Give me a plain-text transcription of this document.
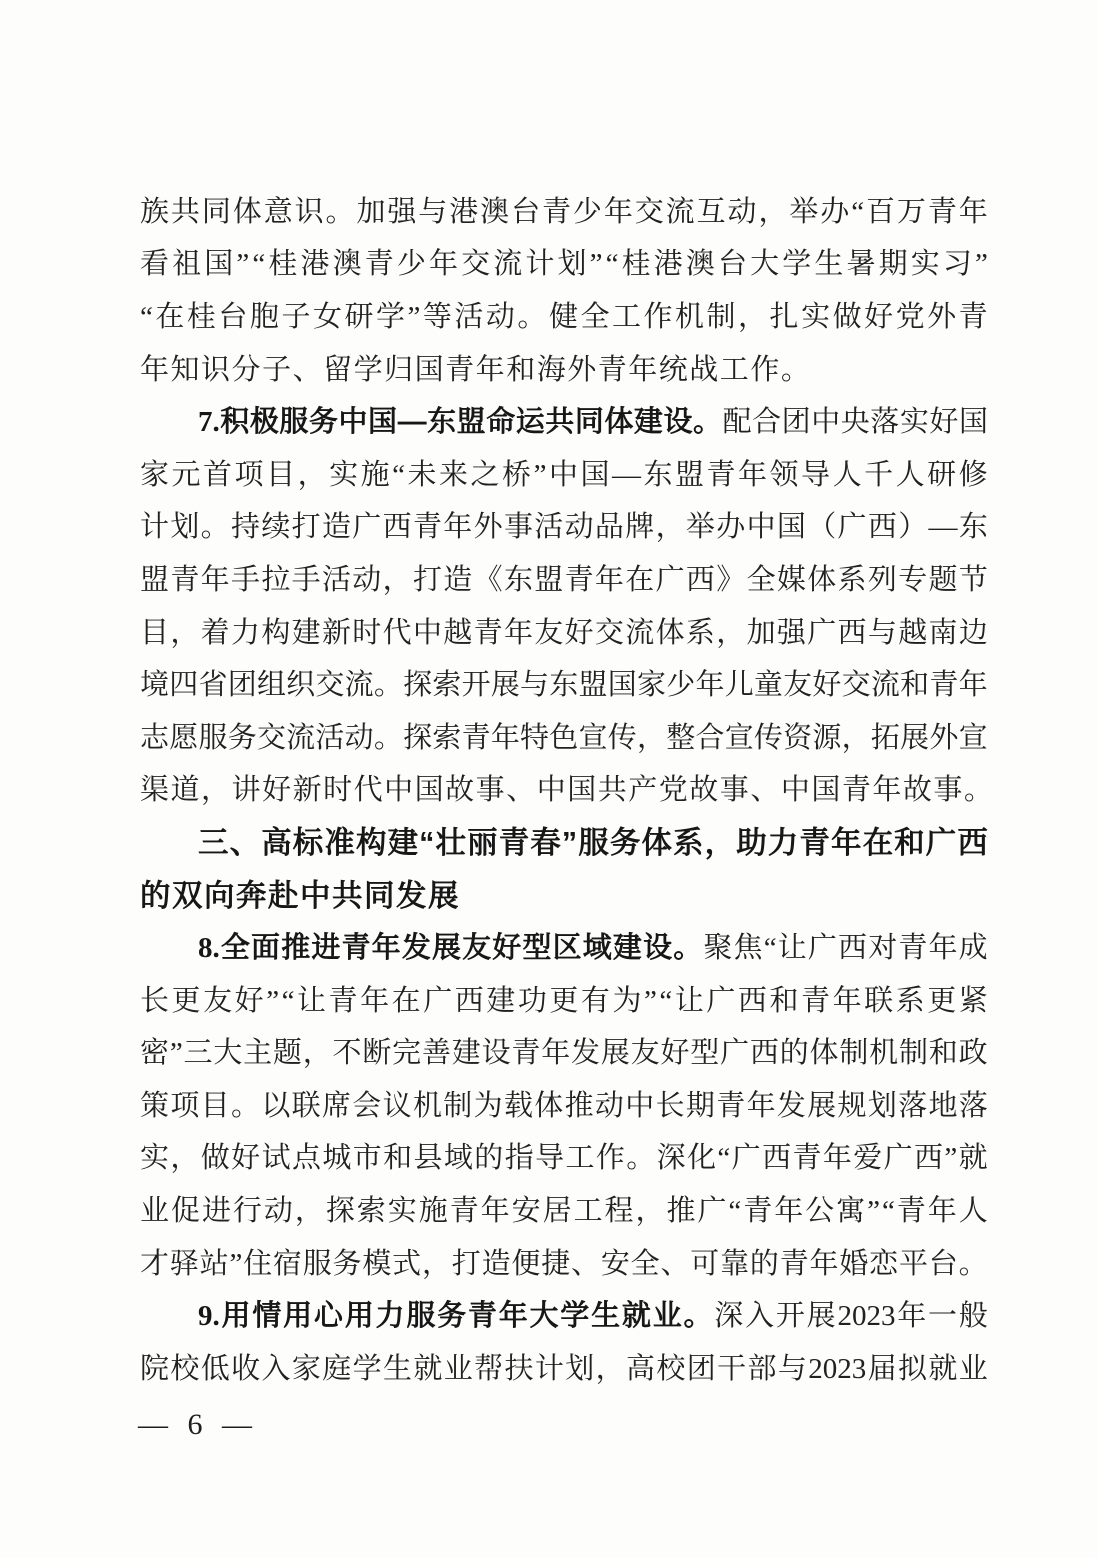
族 共 同 体 意 识 。 加 强 与 港 澳 台 青 少 年 交 流 互 动 ， 举 办 “ 百 万 青 年
看 祖 国 ” “ 桂 港 澳 青 少 年 交 流 计 划 ” “ 桂 港 澳 台 大 学 生 暑 期 实 习 ”
“ 在 桂 台 胞 子 女 研 学 ” 等 活 动 。 健 全 工 作 机 制 ， 扎 实 做 好 党 外 青
年 知 识 分 子 、 留 学 归 国 青 年 和 海 外 青 年 统 战 工 作 。
7. 积 极 服 务 中 国 — 东 盟 命 运 共 同 体 建 设 。 配 合 团 中 央 落 实 好 国
家 元 首 项 目 ， 实 施 “ 未 来 之 桥 ” 中 国 — 东 盟 青 年 领 导 人 千 人 研 修
计 划 。 持 续 打 造 广 西 青 年 外 事 活 动 品 牌 ， 举 办 中 国 （ 广 西 ） — 东
盟 青 年 手 拉 手 活 动 ， 打 造 《 东 盟 青 年 在 广 西 》 全 媒 体 系 列 专 题 节
目 ， 着 力 构 建 新 时 代 中 越 青 年 友 好 交 流 体 系 ， 加 强 广 西 与 越 南 边
境 四 省 团 组 织 交 流 。 探 索 开 展 与 东 盟 国 家 少 年 儿 童 友 好 交 流 和 青 年
志 愿 服 务 交 流 活 动 。 探 索 青 年 特 色 宣 传 ， 整 合 宣 传 资 源 ， 拓 展 外 宣
渠 道 ， 讲 好 新 时 代 中 国 故 事 、 中 国 共 产 党 故 事 、 中 国 青 年 故 事 。
三 、 高 标 准 构 建 “ 壮 丽 青 春 ” 服 务 体 系 ， 助 力 青 年 在 和 广 西
的 双 向 奔 赴 中 共 同 发 展
8. 全 面 推 进 青 年 发 展 友 好 型 区 域 建 设 。 聚 焦 “ 让 广 西 对 青 年 成
长 更 友 好 ” “ 让 青 年 在 广 西 建 功 更 有 为 ” “ 让 广 西 和 青 年 联 系 更 紧
密 ” 三 大 主 题 ， 不 断 完 善 建 设 青 年 发 展 友 好 型 广 西 的 体 制 机 制 和 政
策 项 目 。 以 联 席 会 议 机 制 为 载 体 推 动 中 长 期 青 年 发 展 规 划 落 地 落
实 ， 做 好 试 点 城 市 和 县 域 的 指 导 工 作 。 深 化 “ 广 西 青 年 爱 广 西 ” 就
业 促 进 行 动 ， 探 索 实 施 青 年 安 居 工 程 ， 推 广 “ 青 年 公 寓 ” “ 青 年 人
才 驿 站 ” 住 宿 服 务 模 式 ， 打 造 便 捷 、 安 全 、 可 靠 的 青 年 婚 恋 平 台 。
9. 用 情 用 心 用 力 服 务 青 年 大 学 生 就 业 。 深 入 开 展 2023 年 一 般
院 校 低 收 入 家 庭 学 生 就 业 帮 扶 计 划 ， 高 校 团 干 部 与 2023 届 拟 就 业
— 6 —
